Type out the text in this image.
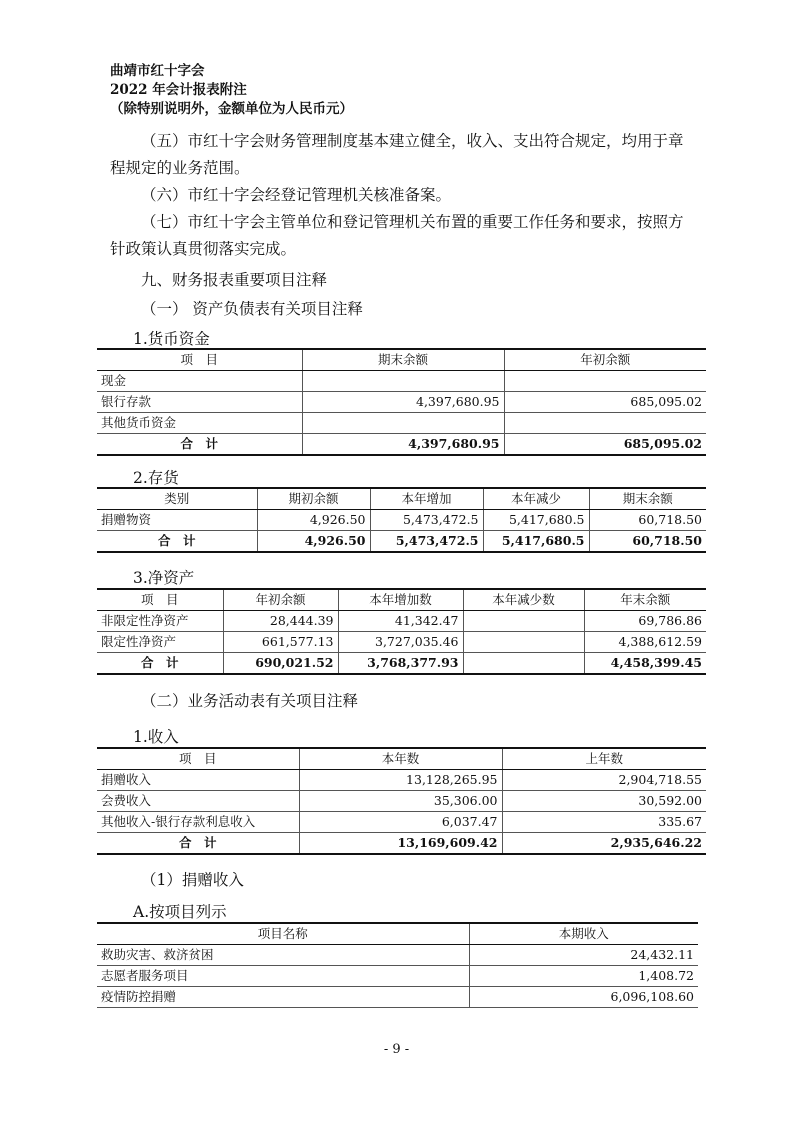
曲靖市红十字会
2022 年会计报表附注
（除特别说明外，金额单位为人民币元）
（五）市红十字会财务管理制度基本建立健全，收入、支出符合规定，均用于章程规定的业务范围。
（六）市红十字会经登记管理机关核准备案。
（七）市红十字会主管单位和登记管理机关布置的重要工作任务和要求，按照方针政策认真贯彻落实完成。
九、财务报表重要项目注释
（一） 资产负债表有关项目注释
1.货币资金
项　目	期末余额	年初余额
现金		
银行存款	4,397,680.95	685,095.02
其他货币资金		
合　计	4,397,680.95	685,095.02
2.存货
类别	期初余额	本年增加	本年减少	期末余额
捐赠物资	4,926.50	5,473,472.5	5,417,680.5	60,718.50
合　计	4,926.50	5,473,472.5	5,417,680.5	60,718.50
3.净资产
项　目	年初余额	本年增加数	本年减少数	年末余额
非限定性净资产	28,444.39	41,342.47		69,786.86
限定性净资产	661,577.13	3,727,035.46		4,388,612.59
合　计	690,021.52	3,768,377.93		4,458,399.45
（二）业务活动表有关项目注释
1.收入
项　目	本年数	上年数
捐赠收入	13,128,265.95	2,904,718.55
会费收入	35,306.00	30,592.00
其他收入-银行存款利息收入	6,037.47	335.67
合　计	13,169,609.42	2,935,646.22
（1）捐赠收入
A.按项目列示
项目名称	本期收入
救助灾害、救济贫困	24,432.11
志愿者服务项目	1,408.72
疫情防控捐赠	6,096,108.60
- 9 -
